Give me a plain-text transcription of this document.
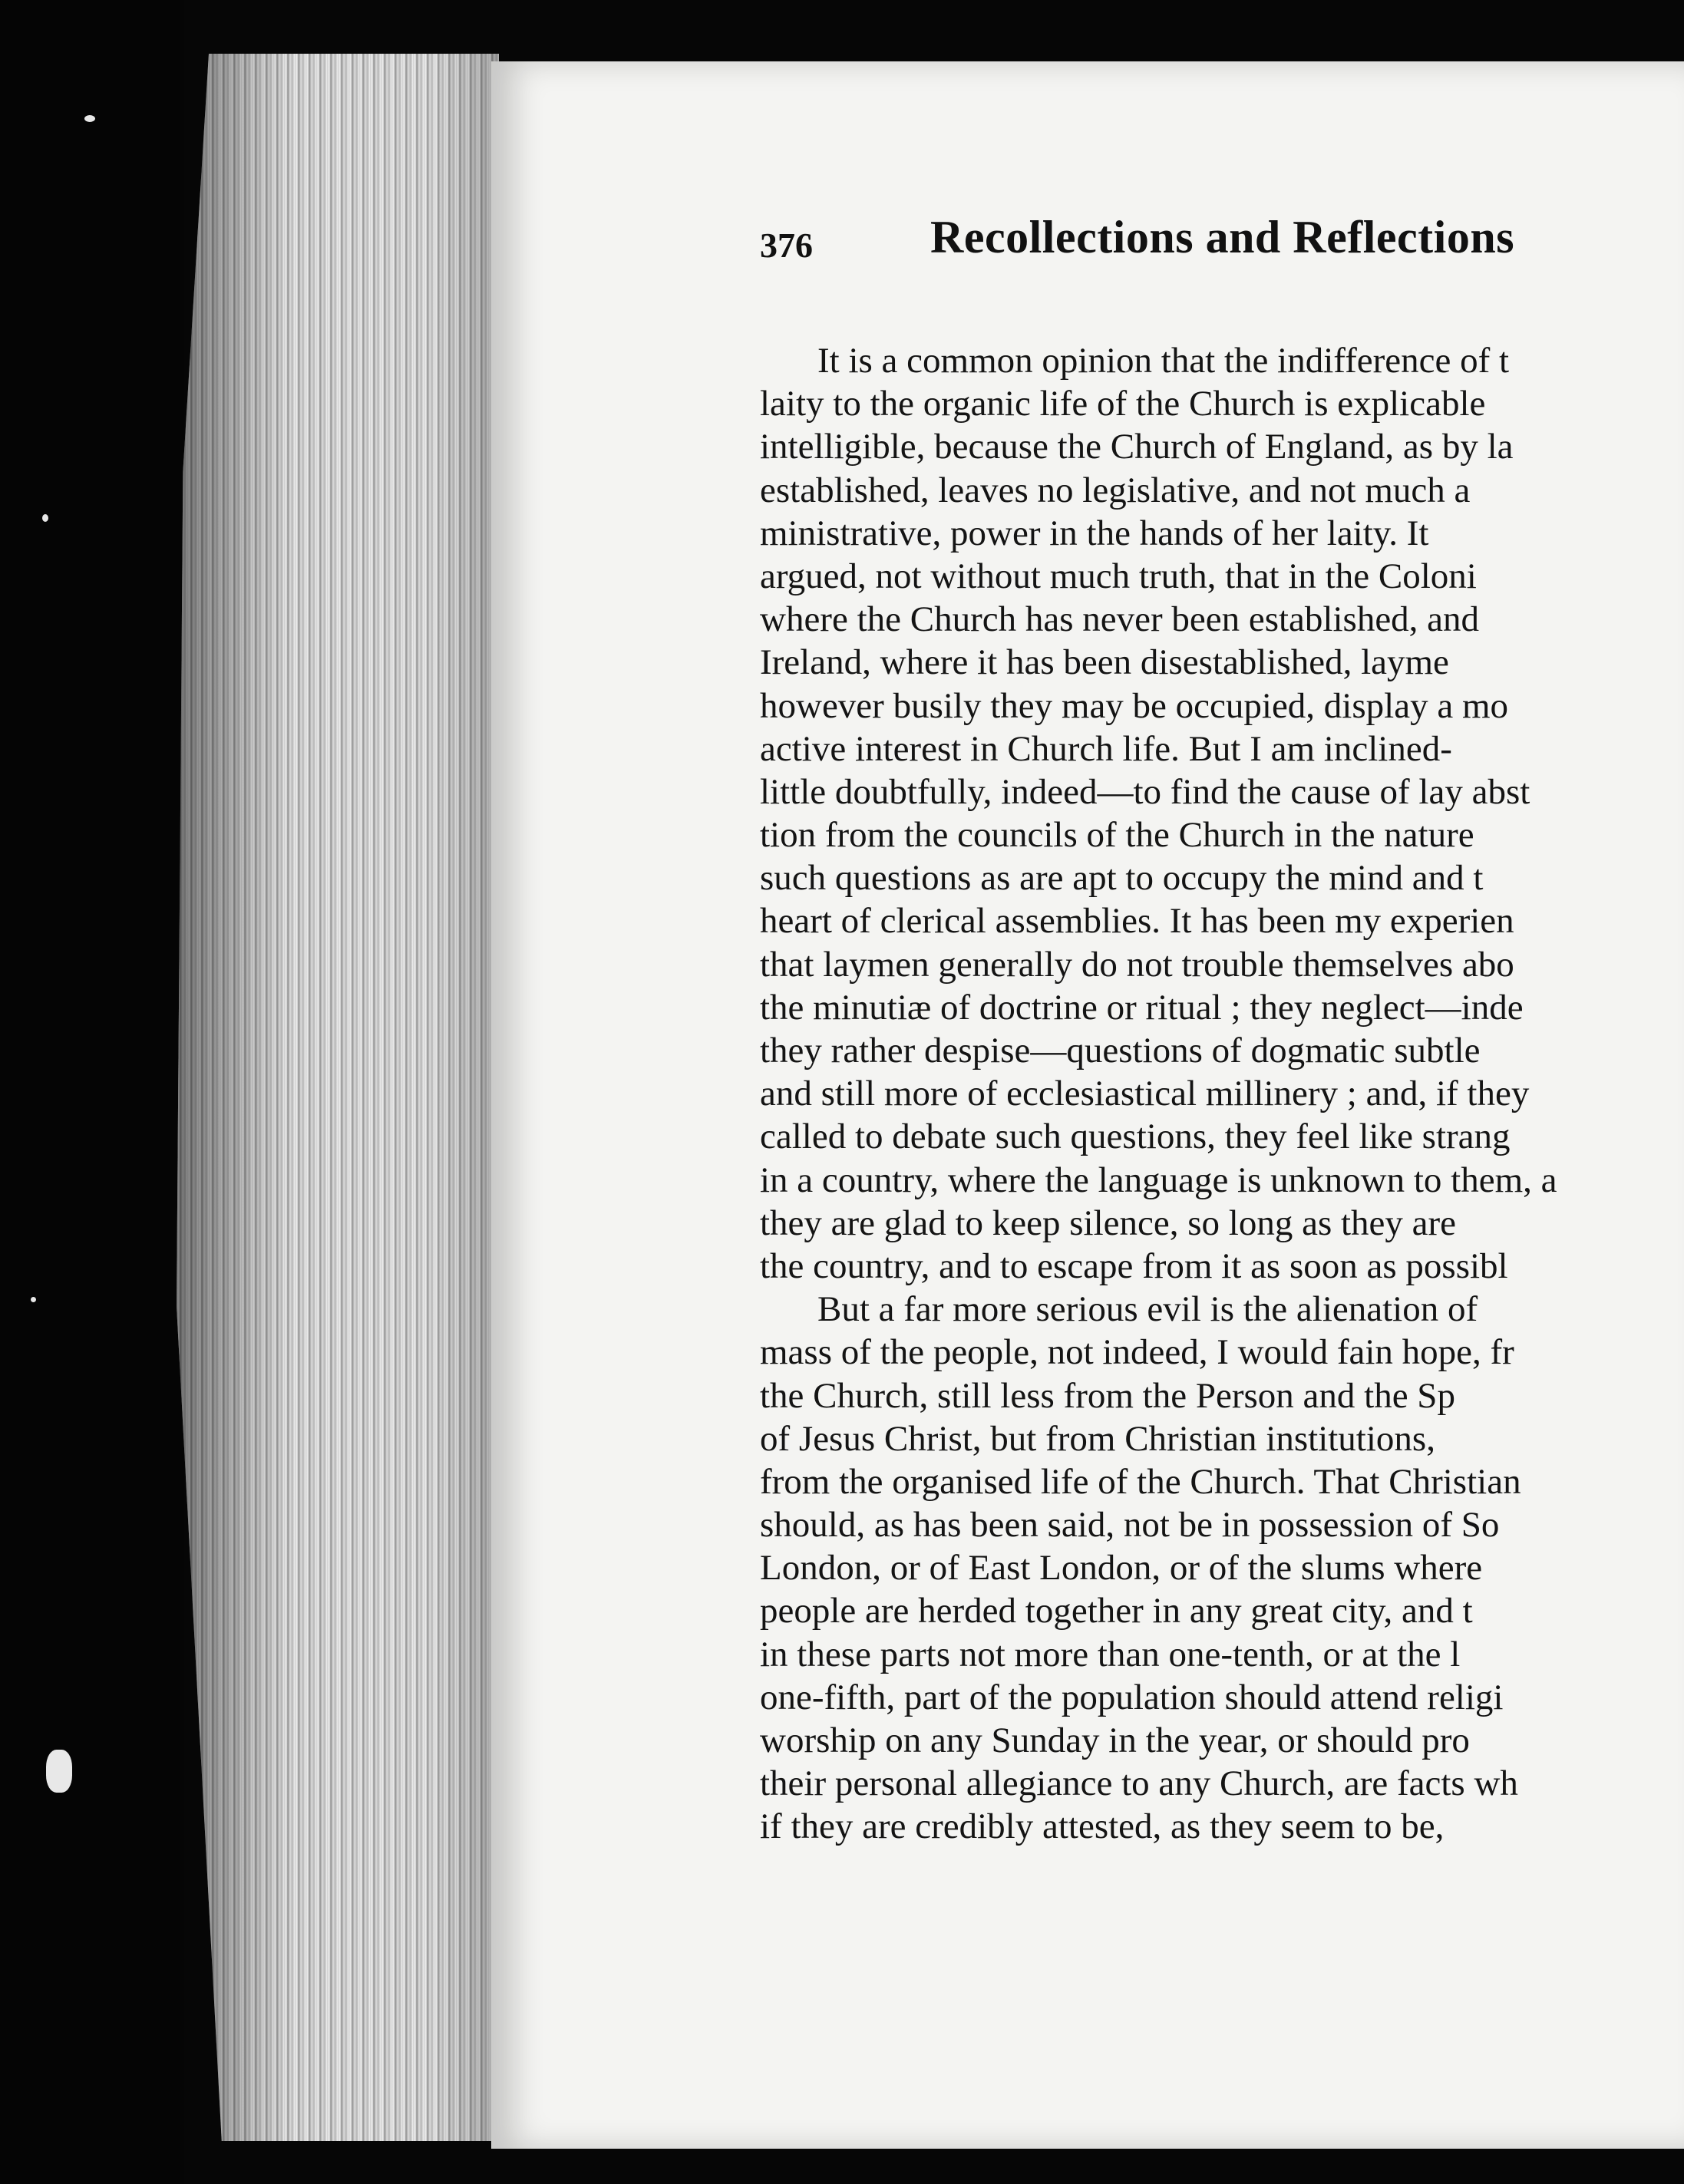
376	Recollections and Reflections
It is a common opinion that the indifference of t
laity to the organic life of the Church is explicable
intelligible, because the Church of England, as by la
established, leaves no legislative, and not much a
ministrative, power in the hands of her laity. It
argued, not without much truth, that in the Coloni
where the Church has never been established, and
Ireland, where it has been disestablished, layme
however busily they may be occupied, display a mo
active interest in Church life. But I am inclined-
little doubtfully, indeed—to find the cause of lay abst
tion from the councils of the Church in the nature
such questions as are apt to occupy the mind and t
heart of clerical assemblies. It has been my experien
that laymen generally do not trouble themselves abo
the minutiæ of doctrine or ritual ; they neglect—inde
they rather despise—questions of dogmatic subtle
and still more of ecclesiastical millinery ; and, if they
called to debate such questions, they feel like strang
in a country, where the language is unknown to them, a
they are glad to keep silence, so long as they are
the country, and to escape from it as soon as possibl
But a far more serious evil is the alienation of
mass of the people, not indeed, I would fain hope, fr
the Church, still less from the Person and the Sp
of Jesus Christ, but from Christian institutions,
from the organised life of the Church. That Christian
should, as has been said, not be in possession of So
London, or of East London, or of the slums where
people are herded together in any great city, and t
in these parts not more than one-tenth, or at the l
one-fifth, part of the population should attend religi
worship on any Sunday in the year, or should pro
their personal allegiance to any Church, are facts wh
if they are credibly attested, as they seem to be,
